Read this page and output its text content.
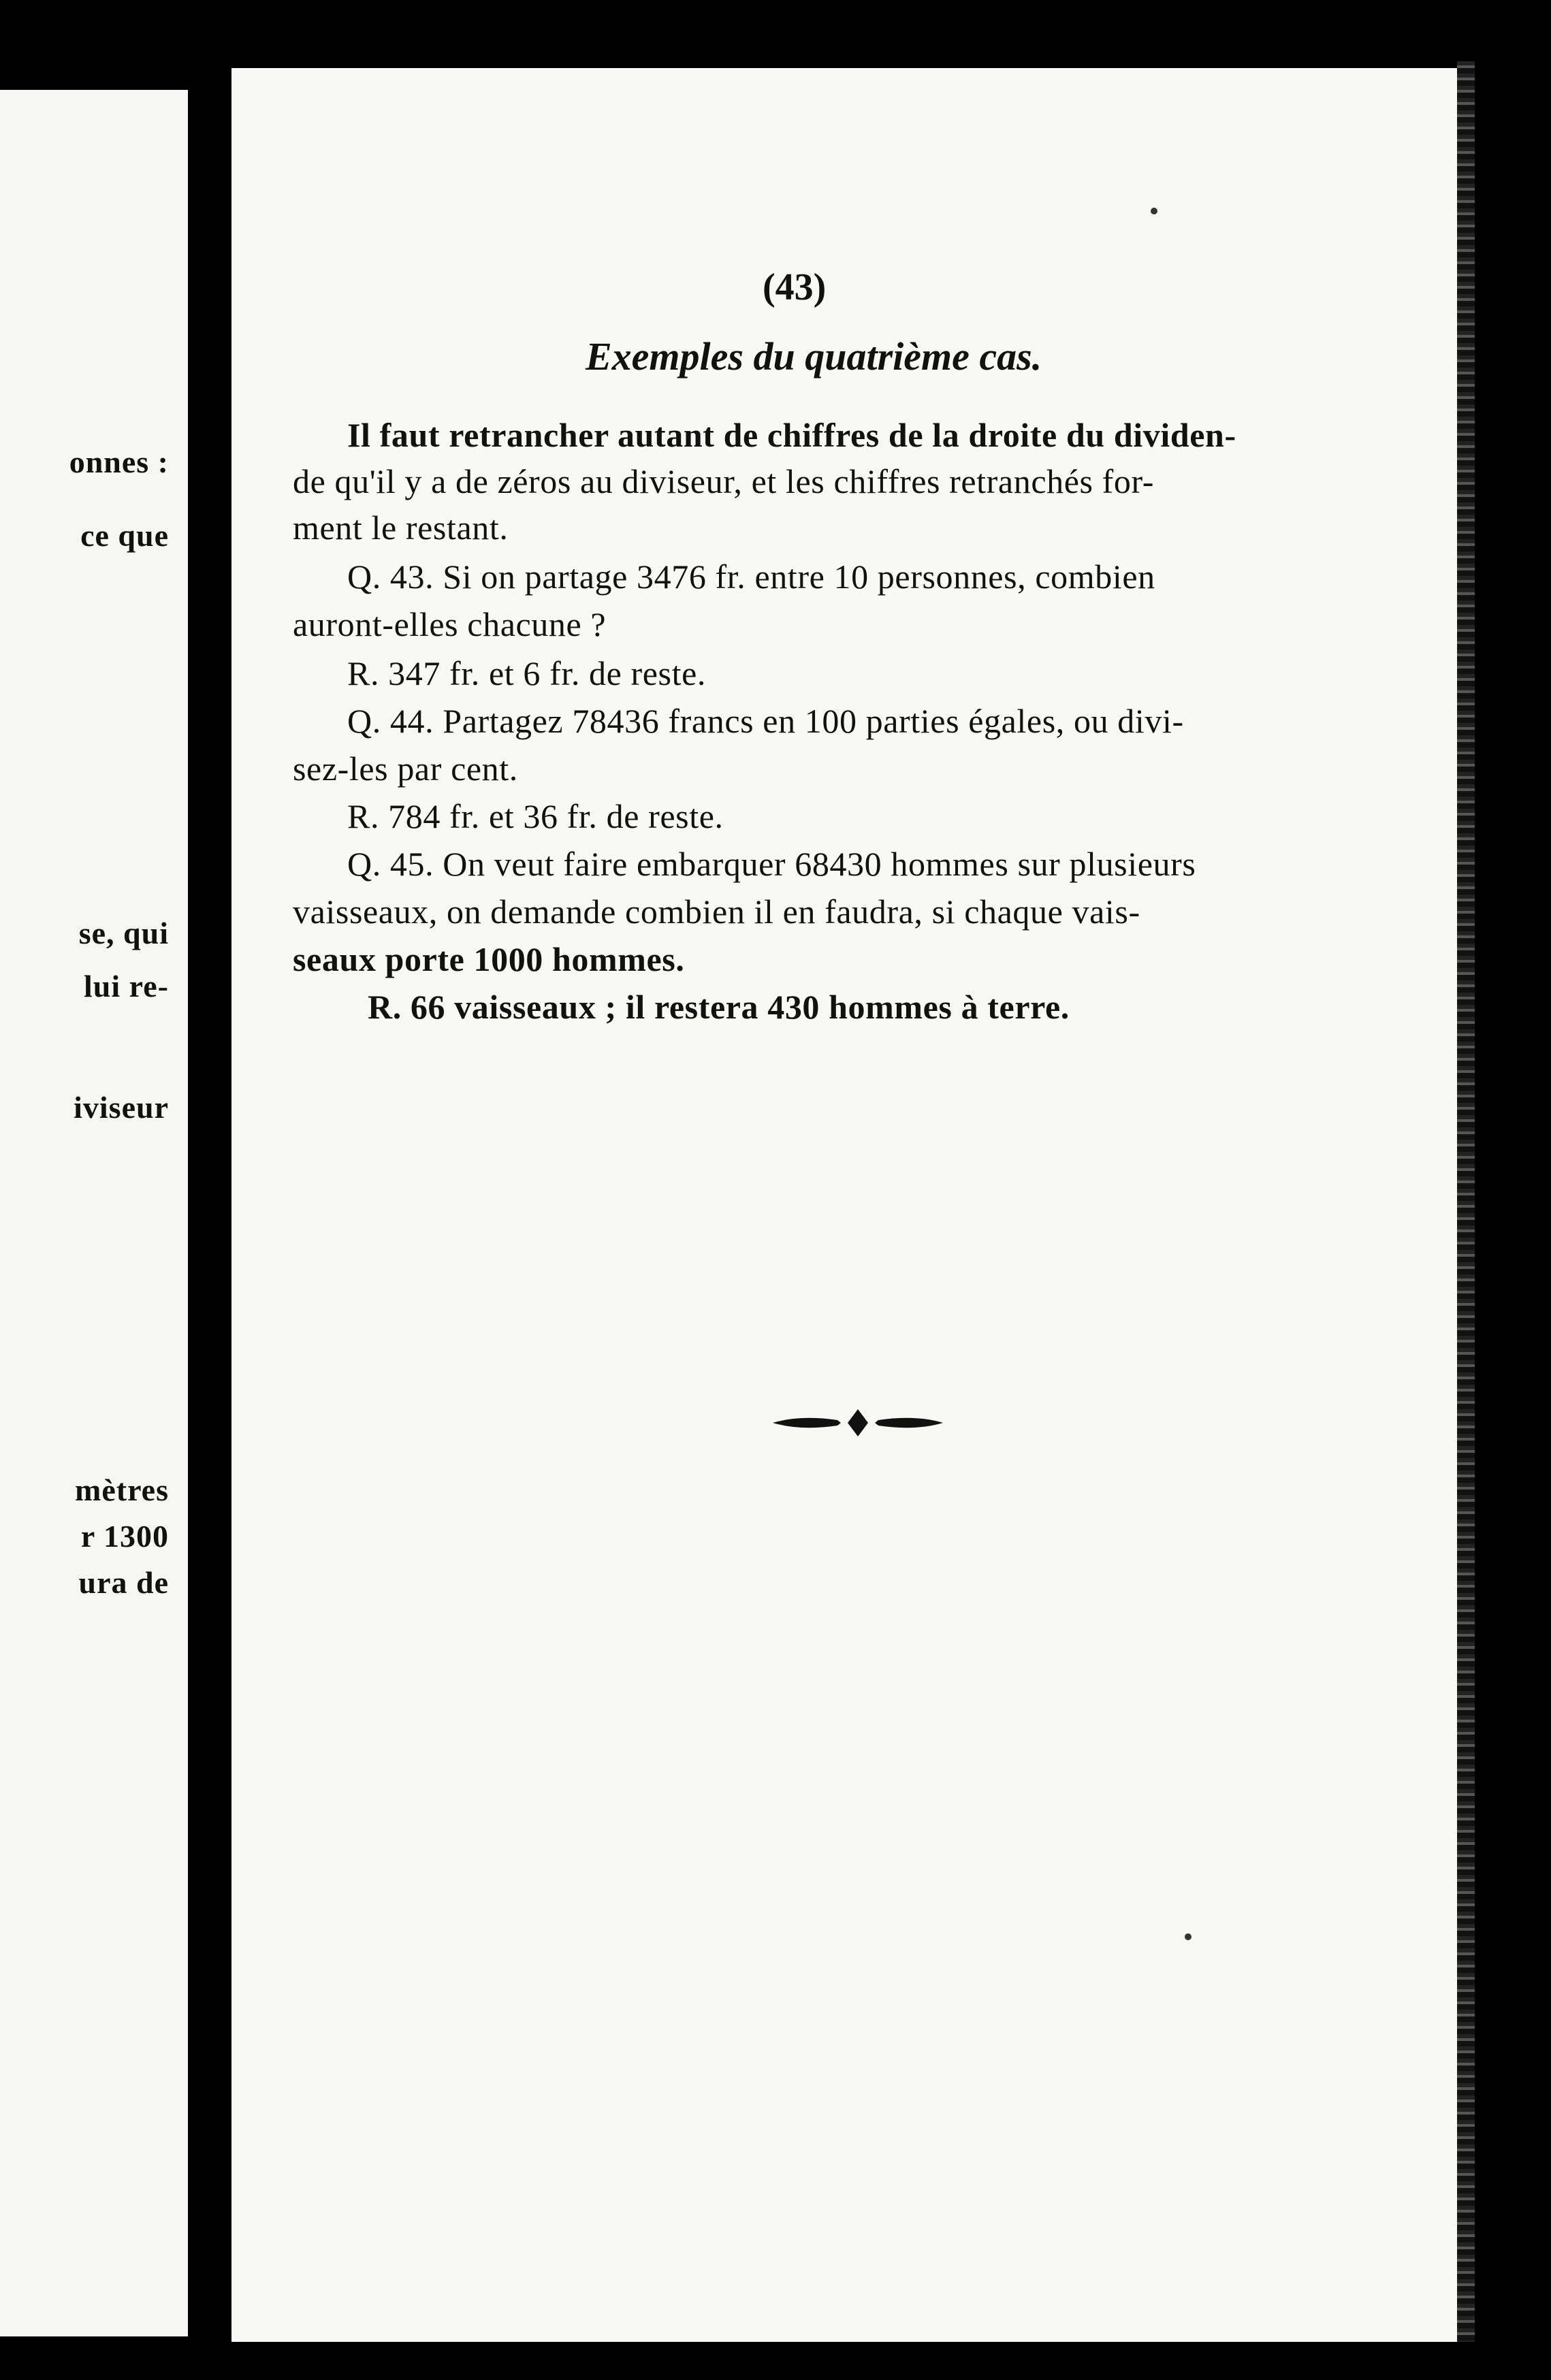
onnes :
ce que
se, qui
lui re-
iviseur
mètres
r 1300
ura de
(43)
Exemples du quatrième cas.
Il faut retrancher autant de chiffres de la droite du dividen-
de qu'il y a de zéros au diviseur, et les chiffres retranchés for-
ment le restant.
Q. 43. Si on partage 3476 fr. entre 10 personnes, combien
auront-elles chacune ?
R. 347 fr. et 6 fr. de reste.
Q. 44. Partagez 78436 francs en 100 parties égales, ou divi-
sez-les par cent.
R. 784 fr. et 36 fr. de reste.
Q. 45. On veut faire embarquer 68430 hommes sur plusieurs
vaisseaux, on demande combien il en faudra, si chaque vais-
seaux porte 1000 hommes.
R. 66 vaisseaux ; il restera 430 hommes à terre.
